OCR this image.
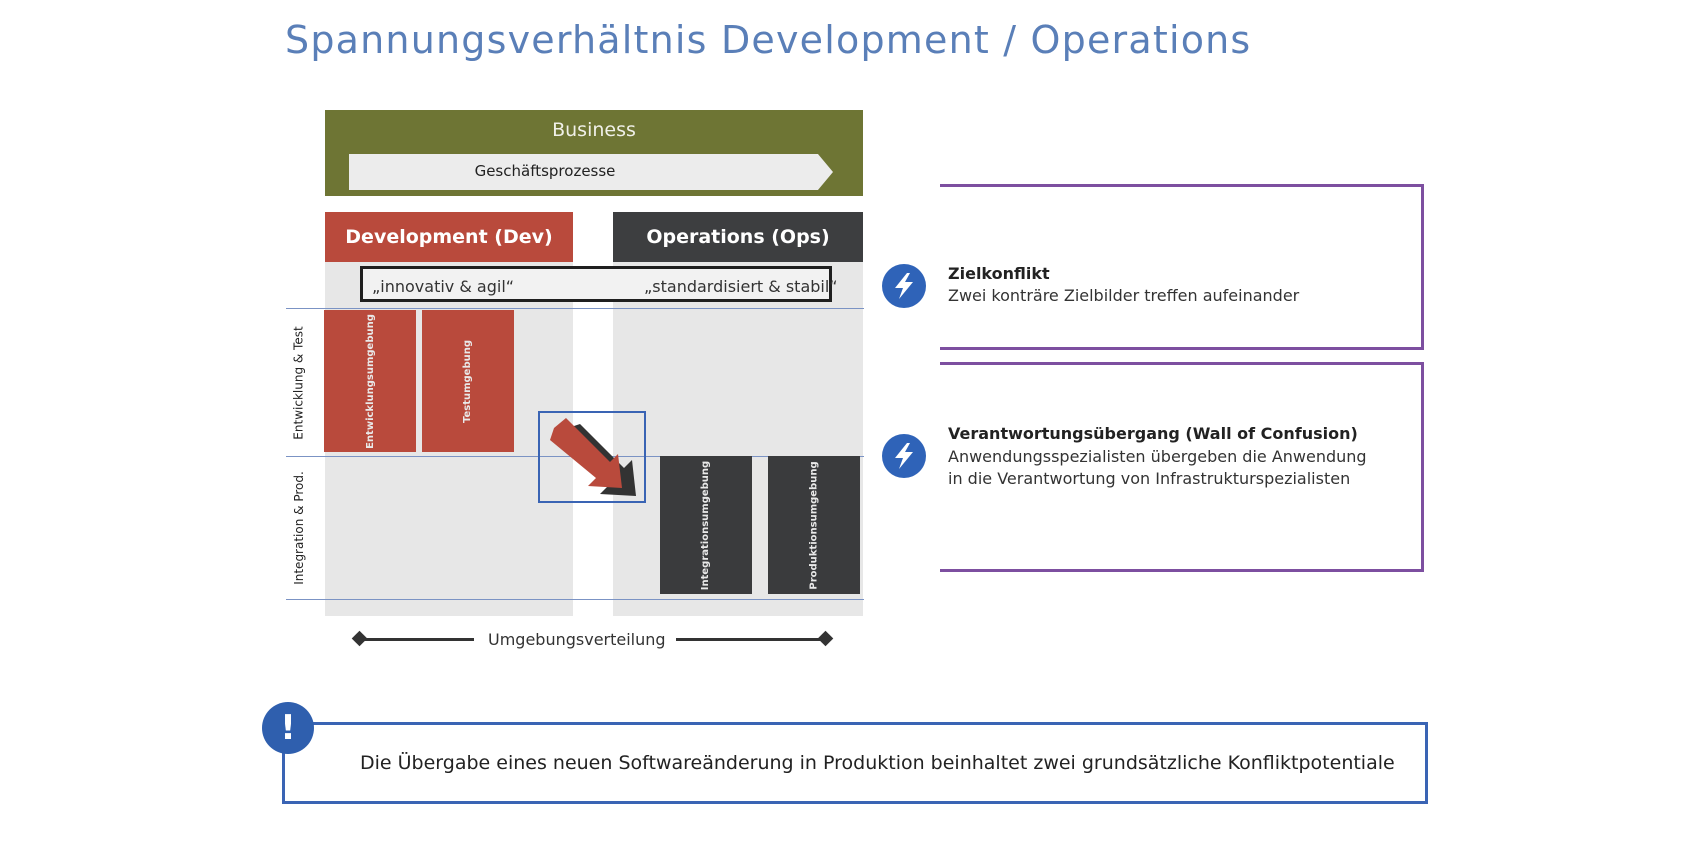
Spannungsverhältnis Development / Operations
Business
Geschäftsprozesse
Development (Dev)	Operations (Ops)
„innovativ & agil“	„standardisiert & stabil“
Entwicklung & Test
Integration & Prod.
Entwicklungsumgebung	Testumgebung
Integrationsumgebung	Produktionsumgebung
Umgebungsverteilung
Zielkonflikt
Zwei konträre Zielbilder treffen aufeinander
Verantwortungsübergang (Wall of Confusion)
Anwendungsspezialisten übergeben die Anwendung
in die Verantwortung von Infrastrukturspezialisten
!
Die Übergabe eines neuen Softwareänderung in Produktion beinhaltet zwei grundsätzliche Konfliktpotentiale
